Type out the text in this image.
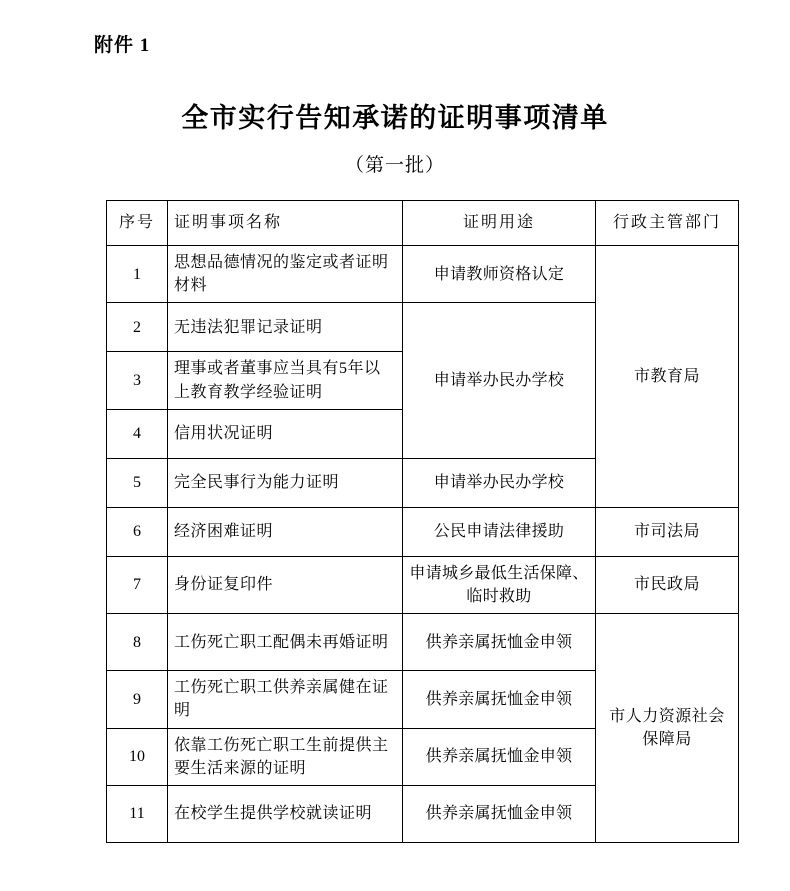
附件 1
全市实行告知承诺的证明事项清单
（第一批）
序号	证明事项名称	证明用途	行政主管部门
1	思想品德情况的鉴定或者证明材料	申请教师资格认定	市教育局
2	无违法犯罪记录证明	申请举办民办学校	
3	理事或者董事应当具有5年以上教育教学经验证明		
4	信用状况证明		
5	完全民事行为能力证明	申请举办民办学校	
6	经济困难证明	公民申请法律援助	市司法局
7	身份证复印件	申请城乡最低生活保障、临时救助	市民政局
8	工伤死亡职工配偶未再婚证明	供养亲属抚恤金申领	市人力资源社会保障局
9	工伤死亡职工供养亲属健在证明	供养亲属抚恤金申领	
10	依靠工伤死亡职工生前提供主要生活来源的证明	供养亲属抚恤金申领	
11	在校学生提供学校就读证明	供养亲属抚恤金申领	
